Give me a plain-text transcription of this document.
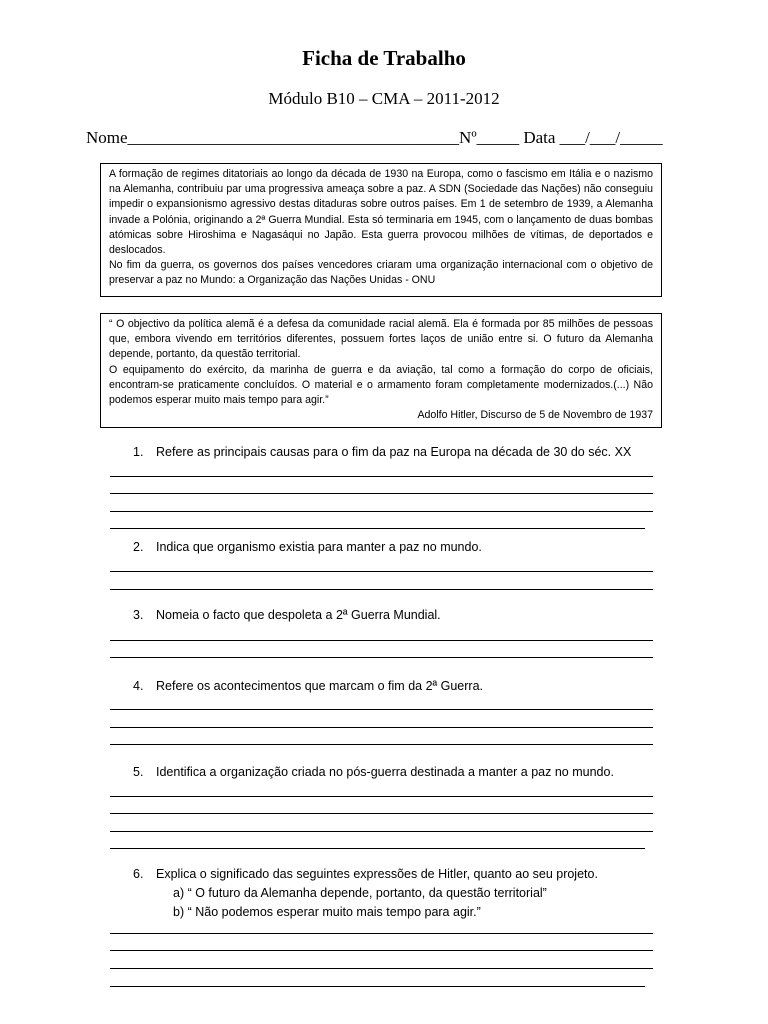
Ficha de Trabalho
Módulo B10 – CMA – 2011-2012
Nome_______________________________________Nº_____ Data ___/___/_____

A formação de regimes ditatoriais ao longo da década de 1930 na Europa, como o fascismo em Itália e o nazismo na Alemanha, contribuiu par uma progressiva ameaça sobre a paz. A SDN (Sociedade das Nações) não conseguiu impedir o expansionismo agressivo destas ditaduras sobre outros países. Em 1 de setembro de 1939, a Alemanha invade a Polónia, originando a 2ª Guerra Mundial. Esta só terminaria em 1945, com o lançamento de duas bombas atómicas sobre Hiroshima e Nagasáqui no Japão. Esta guerra provocou milhões de vítimas, de deportados e deslocados.

No fim da guerra, os governos dos países vencedores criaram uma organização internacional com o objetivo de preservar a paz no Mundo: a Organização das Nações Unidas - ONU

“ O objectivo da política alemã é a defesa da comunidade racial alemã. Ela é formada por 85 milhões de pessoas que, embora vivendo em territórios diferentes, possuem fortes laços de união entre si. O futuro da Alemanha depende, portanto, da questão territorial.

O equipamento do exército, da marinha de guerra e da aviação, tal como a formação do corpo de oficiais, encontram-se praticamente concluídos. O material e o armamento foram completamente modernizados.(...) Não podemos esperar muito mais tempo para agir.”

Adolfo Hitler, Discurso de 5 de Novembro de 1937

1. Refere as principais causas para o fim da paz na Europa na década de 30 do séc. XX
2. Indica que organismo existia para manter a paz no mundo.
3. Nomeia o facto que despoleta a 2ª Guerra Mundial.
4. Refere os acontecimentos que marcam o fim da 2ª Guerra.
5. Identifica a organização criada no pós-guerra destinada a manter a paz no mundo.
6. Explica o significado das seguintes expressões de Hitler, quanto ao seu projeto.
a) “ O futuro da Alemanha depende, portanto, da questão territorial”
b) “ Não podemos esperar muito mais tempo para agir.”
